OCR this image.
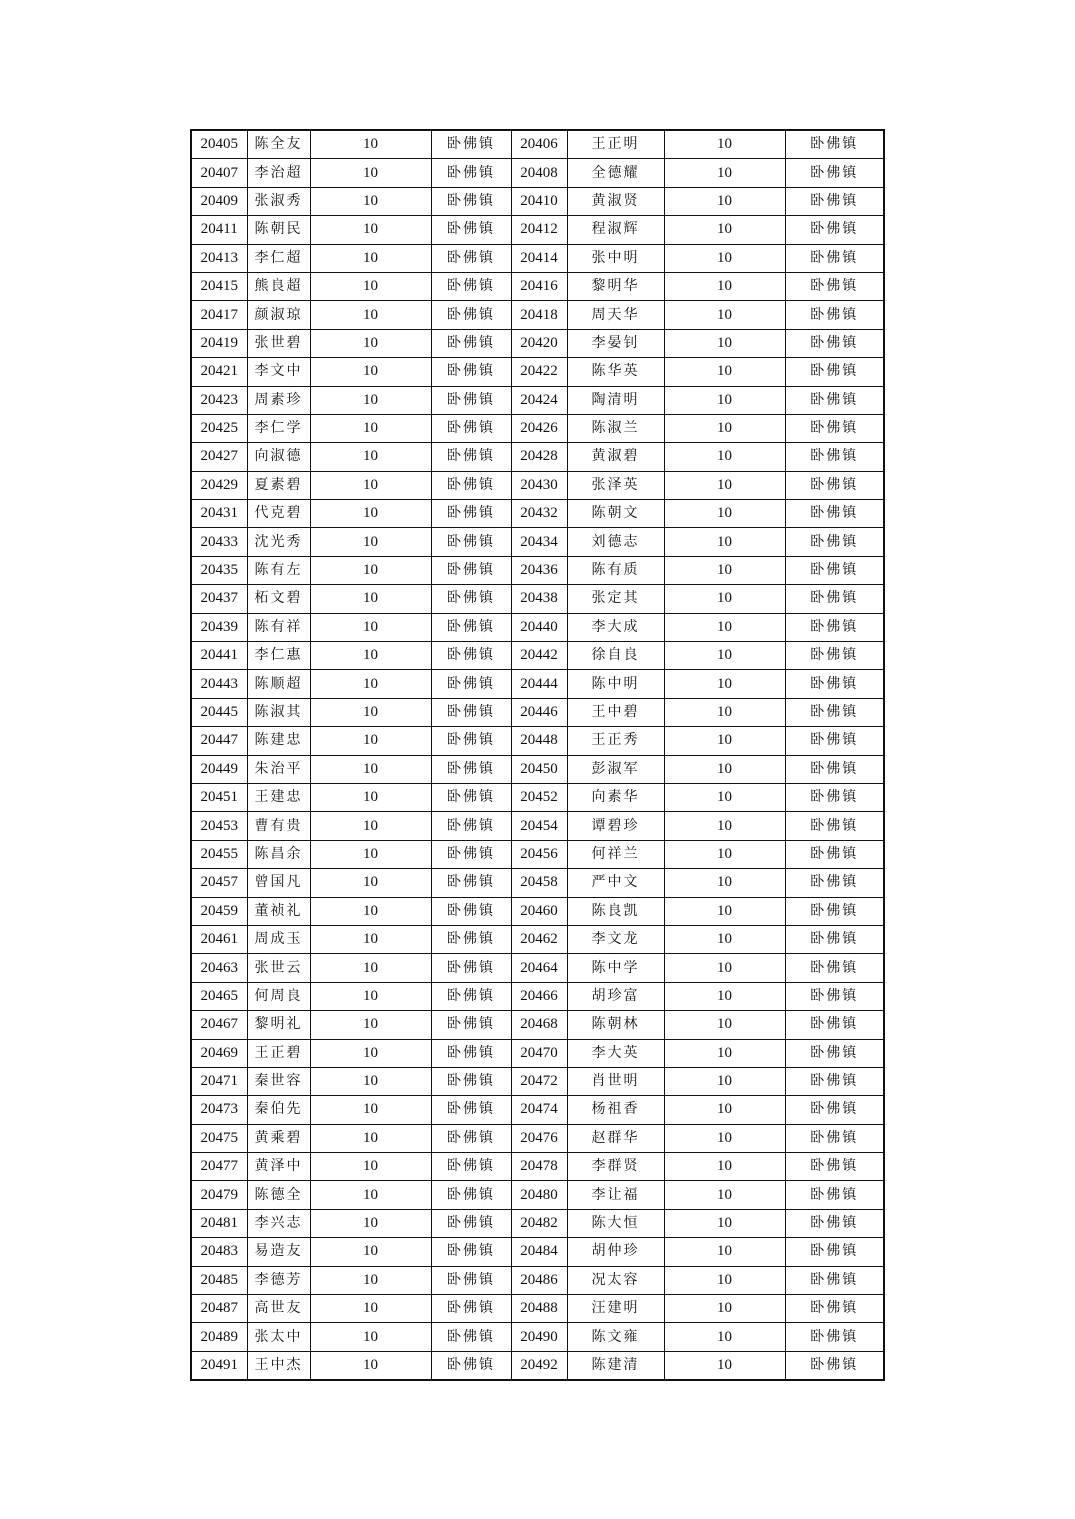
20405	陈全友	10	卧佛镇	20406	王正明	10	卧佛镇
20407	李治超	10	卧佛镇	20408	全德耀	10	卧佛镇
20409	张淑秀	10	卧佛镇	20410	黄淑贤	10	卧佛镇
20411	陈朝民	10	卧佛镇	20412	程淑辉	10	卧佛镇
20413	李仁超	10	卧佛镇	20414	张中明	10	卧佛镇
20415	熊良超	10	卧佛镇	20416	黎明华	10	卧佛镇
20417	颜淑琼	10	卧佛镇	20418	周天华	10	卧佛镇
20419	张世碧	10	卧佛镇	20420	李晏钊	10	卧佛镇
20421	李文中	10	卧佛镇	20422	陈华英	10	卧佛镇
20423	周素珍	10	卧佛镇	20424	陶清明	10	卧佛镇
20425	李仁学	10	卧佛镇	20426	陈淑兰	10	卧佛镇
20427	向淑德	10	卧佛镇	20428	黄淑碧	10	卧佛镇
20429	夏素碧	10	卧佛镇	20430	张泽英	10	卧佛镇
20431	代克碧	10	卧佛镇	20432	陈朝文	10	卧佛镇
20433	沈光秀	10	卧佛镇	20434	刘德志	10	卧佛镇
20435	陈有左	10	卧佛镇	20436	陈有质	10	卧佛镇
20437	柘文碧	10	卧佛镇	20438	张定其	10	卧佛镇
20439	陈有祥	10	卧佛镇	20440	李大成	10	卧佛镇
20441	李仁惠	10	卧佛镇	20442	徐自良	10	卧佛镇
20443	陈顺超	10	卧佛镇	20444	陈中明	10	卧佛镇
20445	陈淑其	10	卧佛镇	20446	王中碧	10	卧佛镇
20447	陈建忠	10	卧佛镇	20448	王正秀	10	卧佛镇
20449	朱治平	10	卧佛镇	20450	彭淑军	10	卧佛镇
20451	王建忠	10	卧佛镇	20452	向素华	10	卧佛镇
20453	曹有贵	10	卧佛镇	20454	谭碧珍	10	卧佛镇
20455	陈昌余	10	卧佛镇	20456	何祥兰	10	卧佛镇
20457	曾国凡	10	卧佛镇	20458	严中文	10	卧佛镇
20459	董祯礼	10	卧佛镇	20460	陈良凯	10	卧佛镇
20461	周成玉	10	卧佛镇	20462	李文龙	10	卧佛镇
20463	张世云	10	卧佛镇	20464	陈中学	10	卧佛镇
20465	何周良	10	卧佛镇	20466	胡珍富	10	卧佛镇
20467	黎明礼	10	卧佛镇	20468	陈朝林	10	卧佛镇
20469	王正碧	10	卧佛镇	20470	李大英	10	卧佛镇
20471	秦世容	10	卧佛镇	20472	肖世明	10	卧佛镇
20473	秦伯先	10	卧佛镇	20474	杨祖香	10	卧佛镇
20475	黄乘碧	10	卧佛镇	20476	赵群华	10	卧佛镇
20477	黄泽中	10	卧佛镇	20478	李群贤	10	卧佛镇
20479	陈德全	10	卧佛镇	20480	李让福	10	卧佛镇
20481	李兴志	10	卧佛镇	20482	陈大恒	10	卧佛镇
20483	易造友	10	卧佛镇	20484	胡仲珍	10	卧佛镇
20485	李德芳	10	卧佛镇	20486	况太容	10	卧佛镇
20487	高世友	10	卧佛镇	20488	汪建明	10	卧佛镇
20489	张太中	10	卧佛镇	20490	陈文雍	10	卧佛镇
20491	王中杰	10	卧佛镇	20492	陈建清	10	卧佛镇
